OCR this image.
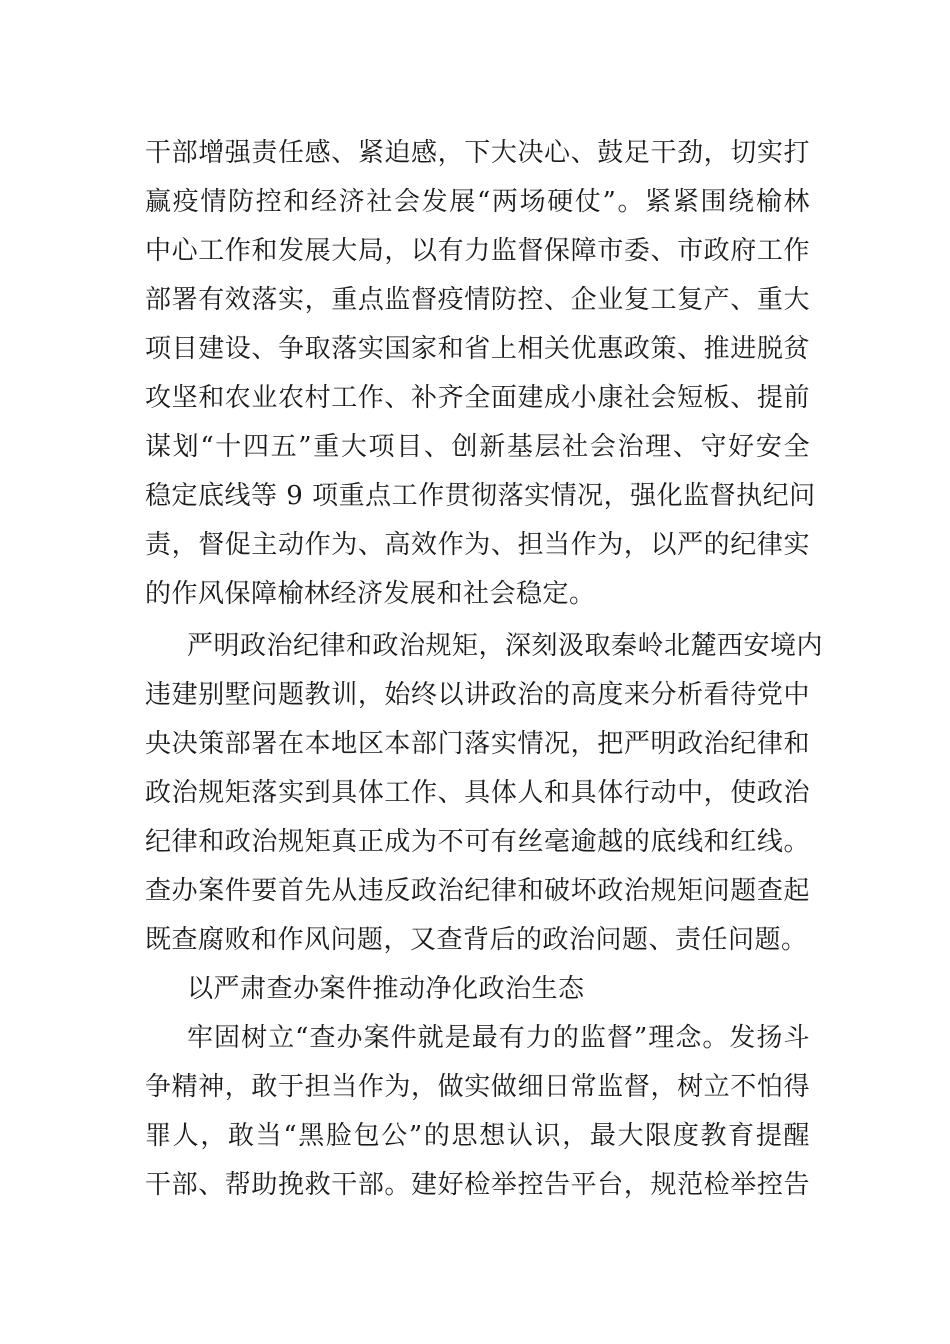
干部增强责任感、紧迫感，下大决心、鼓足干劲，切实打
赢疫情防控和经济社会发展“两场硬仗”。紧紧围绕榆林
中心工作和发展大局，以有力监督保障市委、市政府工作
部署有效落实，重点监督疫情防控、企业复工复产、重大
项目建设、争取落实国家和省上相关优惠政策、推进脱贫
攻坚和农业农村工作、补齐全面建成小康社会短板、提前
谋划“十四五”重大项目、创新基层社会治理、守好安全
稳定底线等 9 项重点工作贯彻落实情况，强化监督执纪问
责，督促主动作为、高效作为、担当作为，以严的纪律实
的作风保障榆林经济发展和社会稳定。
严明政治纪律和政治规矩，深刻汲取秦岭北麓西安境内
违建别墅问题教训，始终以讲政治的高度来分析看待党中
央决策部署在本地区本部门落实情况，把严明政治纪律和
政治规矩落实到具体工作、具体人和具体行动中，使政治
纪律和政治规矩真正成为不可有丝毫逾越的底线和红线。
查办案件要首先从违反政治纪律和破坏政治规矩问题查起
既查腐败和作风问题，又查背后的政治问题、责任问题。
以严肃查办案件推动净化政治生态
牢固树立“查办案件就是最有力的监督”理念。发扬斗
争精神，敢于担当作为，做实做细日常监督，树立不怕得
罪人，敢当“黑脸包公”的思想认识，最大限度教育提醒
干部、帮助挽救干部。建好检举控告平台，规范检举控告
